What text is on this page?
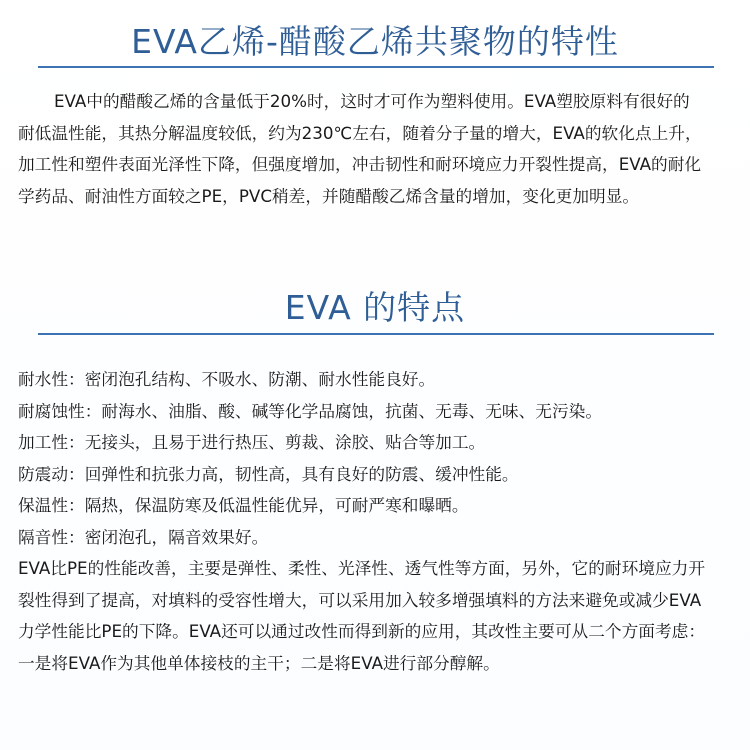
EVA乙烯-醋酸乙烯共聚物的特性
EVA中的醋酸乙烯的含量低于20%时，这时才可作为塑料使用。EVA塑胶原料有很好的
耐低温性能，其热分解温度较低，约为230℃左右，随着分子量的增大，EVA的软化点上升，
加工性和塑件表面光泽性下降，但强度增加，冲击韧性和耐环境应力开裂性提高，EVA的耐化
学药品、耐油性方面较之PE，PVC稍差，并随醋酸乙烯含量的增加，变化更加明显。
EVA 的特点
耐水性：密闭泡孔结构、不吸水、防潮、耐水性能良好。
耐腐蚀性：耐海水、油脂、酸、碱等化学品腐蚀，抗菌、无毒、无味、无污染。
加工性：无接头，且易于进行热压、剪裁、涂胶、贴合等加工。
防震动：回弹性和抗张力高，韧性高，具有良好的防震、缓冲性能。
保温性：隔热，保温防寒及低温性能优异，可耐严寒和曝晒。
隔音性：密闭泡孔，隔音效果好。
EVA比PE的性能改善，主要是弹性、柔性、光泽性、透气性等方面，另外，它的耐环境应力开
裂性得到了提高，对填料的受容性增大，可以采用加入较多增强填料的方法来避免或减少EVA
力学性能比PE的下降。EVA还可以通过改性而得到新的应用，其改性主要可从二个方面考虑：
一是将EVA作为其他单体接枝的主干；二是将EVA进行部分醇解。
